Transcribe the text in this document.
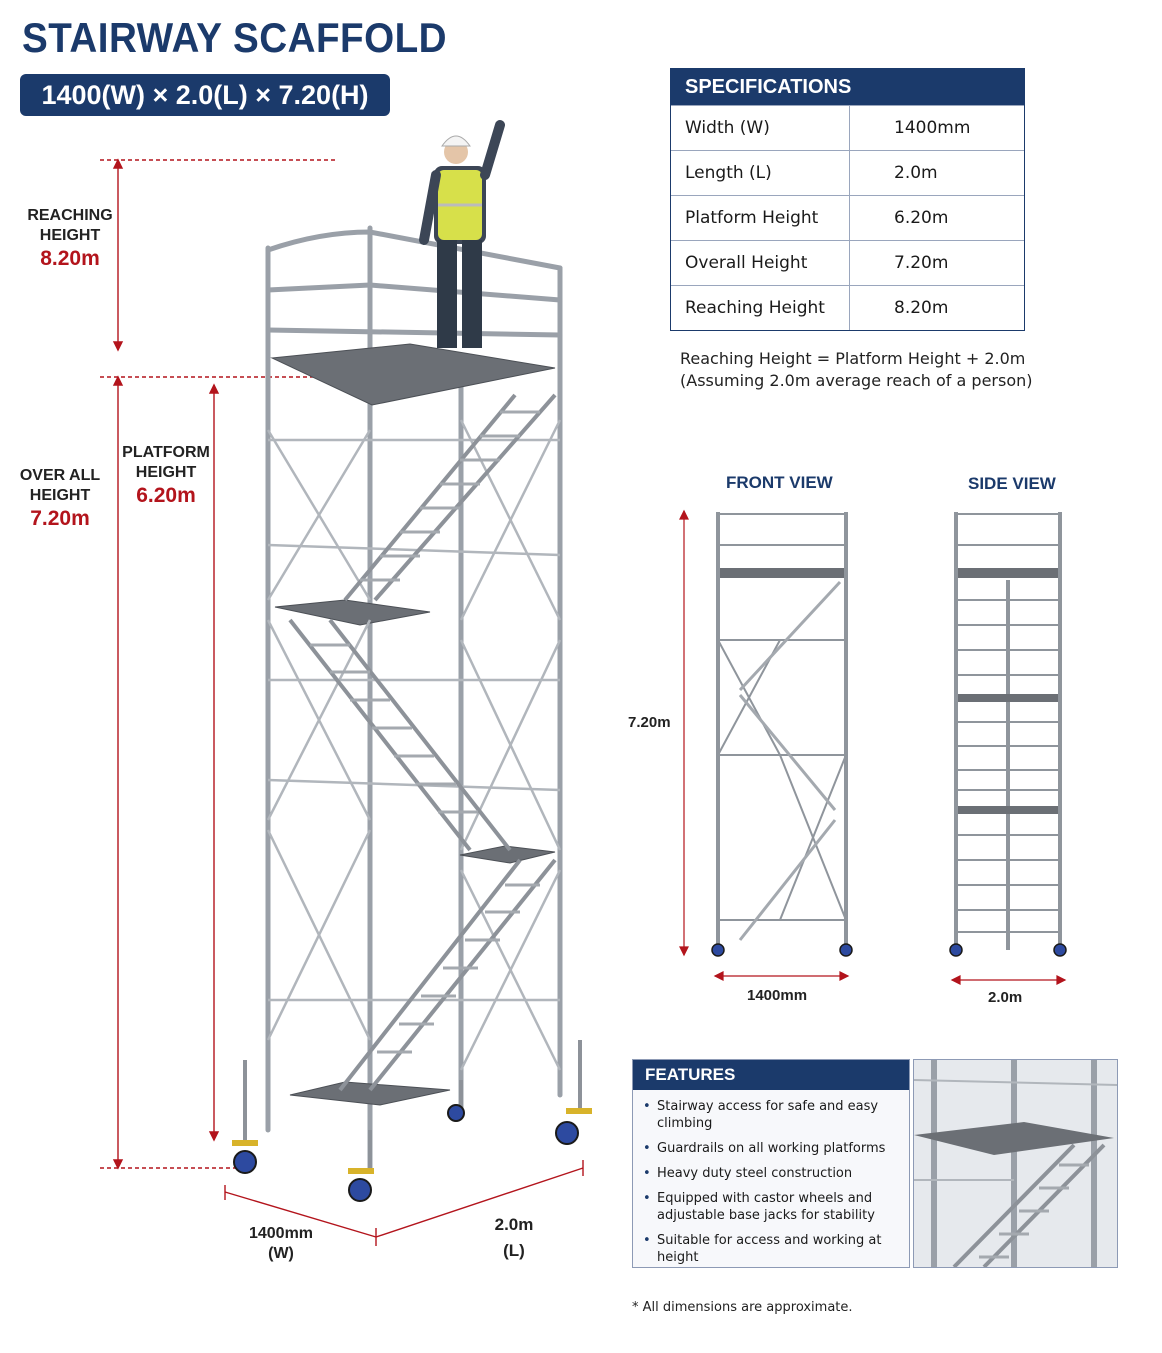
STAIRWAY SCAFFOLD
1400(W) × 2.0(L) × 7.20(H)
REACHING
HEIGHT
8.20m
PLATFORM
HEIGHT
6.20m
OVER ALL
HEIGHT
7.20m
1400mm
(W)
2.0m
(L)
SPECIFICATIONS
Width (W)	1400mm
Length (L)	2.0m
Platform Height	6.20m
Overall Height	7.20m
Reaching Height	8.20m
Reaching Height = Platform Height + 2.0m
(Assuming 2.0m average reach of a person)
FRONT VIEW	SIDE VIEW
7.20m
1400mm	2.0m
FEATURES
• Stairway access for safe and easy climbing
• Guardrails on all working platforms
• Heavy duty steel construction
• Equipped with castor wheels and adjustable base jacks for stability
• Suitable for access and working at height
* All dimensions are approximate.
